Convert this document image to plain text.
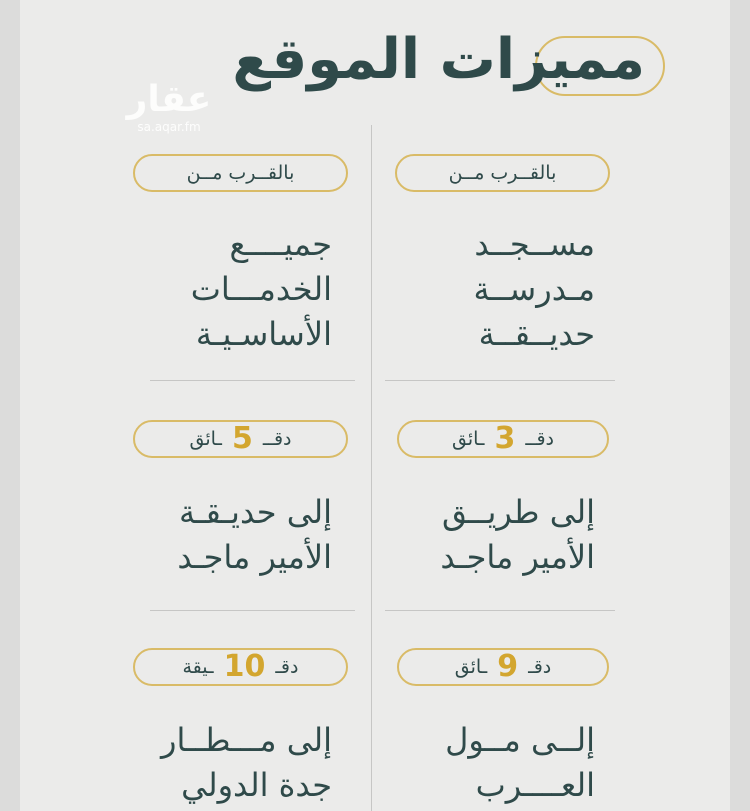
مميزات الموقع
عقار
sa.aqar.fm
بالقــرب مــن
مســجــد
مـدرســة
حديــقــة
بالقــرب مــن
جميــــع
الخدمـــات
الأساسـيـة
دقــ3ـائق
إلى طريــق
الأمير ماجـد
دقــ5ـائق
إلى حديـقـة
الأمير ماجـد
دقـ9ـائق
إلــى مــول
العــــرب
دقـ10ـيقة
إلى مـــطــار
جدة الدولي
